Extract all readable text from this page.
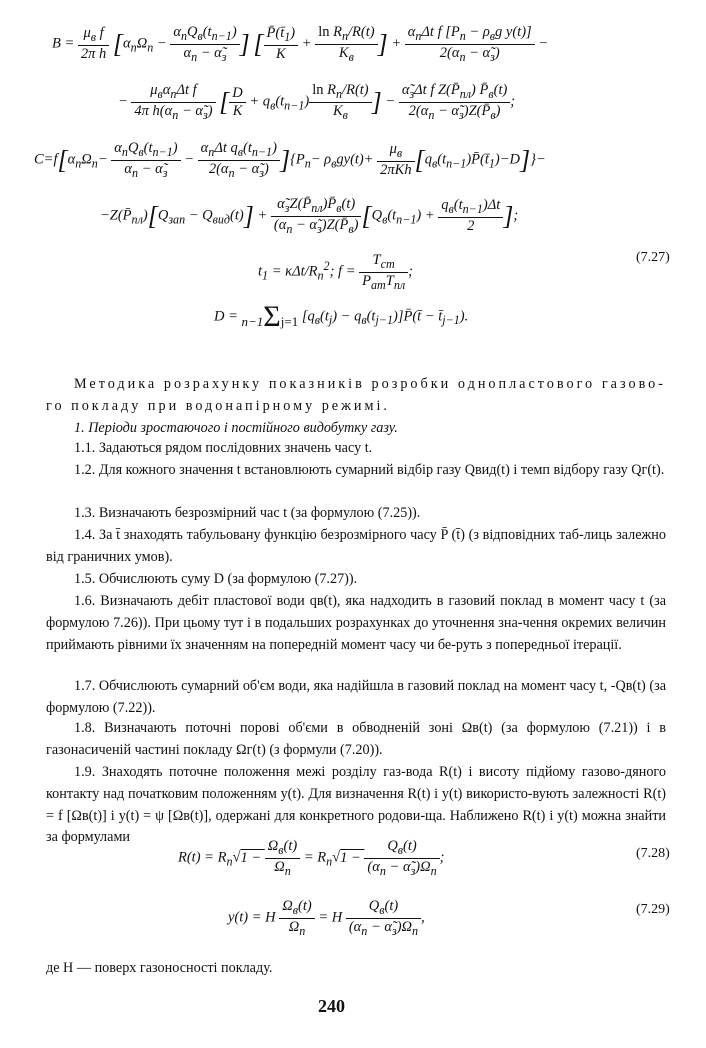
$B = \frac{\mu_в f}{\text{2π h}} [\alpha_п\Omega_п - \frac{\alpha_пQ_в(t_{п-1})}{\alpha_п - \alphã_з}$ ] [ $\frac{P̄(t̄_1)}{K} + \frac{\ln R_п/R(t)}{K_в}$ ] + $\frac{\alpha_п\Delta t f [P_п - \rho_вg y(t)]}{2(\alpha_п - \alphã_з)}$ −
− $\frac{\mu_в\alpha_п\Delta t f}{4\pi h(\alpha_п - \alphã_з)}$ [ $\frac{D}{K} + q_в(t_{п-1}) \frac{\ln R_п/R(t)}{K_в}$ ] − $\frac{\alphã_з\Delta t f Z(P̄_{пл}) P̄_в(t)}{2(\alpha_п - \alphã_з)Z(P̄_в)}$ ;
$C=f[\alpha_п\Omega_п- \frac{\alpha_пQ_в(t_{п-1})}{\alpha_п - \alphã_з} - \frac{\alpha_п\Delta t q_в(t_{п-1})}{2(\alpha_п - \alphã_з)} ]\{P_п- \rho_вgy(t)+ \frac{\mu_в}{\text{2πKh}}$ $[q_в(t_{п-1})P̄(t̄_1)-D]\}-$
$-Z(P̄_{пл})[Q_{зап} - Q_{вид}(t)] + \frac{\alphã_зZ(P̄_{пл})P̄_в(t)}{(\alpha_п - \alphã_з)Z(P̄_в)} [Q_в(t_{п-1}) + \frac{q_в(t_{п-1})\Delta t}{2}$ ];
$t_1 = \kappa\Delta t/R_п^2$; $f = \frac{T_{ст}}{P_{ат}T_{пл}}$ ;
(7.27)
D = n−1Σj=1 [$q_в(t_j)$ − $q_в(t_{j-1})]P̄(t̄$ − $t̄_{j-1}$).
Методика розрахунку показників розробки однопластового газово-го покладу при водонапірному режимі.
1. Періоди зростаючого і постійного видобутку газу.
1.1. Задаються рядом послідовних значень часу t.
1.2. Для кожного значення t встановлюють сумарний відбір газу Qвид(t) і темп відбору газу Qг(t).
1.3. Визначають безрозмірний час t (за формулою (7.25)).
1.4. За t̄ знаходять табульовану функцію безрозмірного часу P̄ (t̄) (з відповідних таб-лиць залежно від граничних умов).
1.5. Обчислюють суму D (за формулою (7.27)).
1.6. Визначають дебіт пластової води qв(t), яка надходить в газовий поклад в момент часу t (за формулою 7.26)). При цьому тут і в подальших розрахунках до уточнення зна-чення окремих величин приймають рівними їх значенням на попередній момент часу чи бе-руть з попередньої ітерації.
1.7. Обчислюють сумарний об'єм води, яка надійшла в газовий поклад на момент часу t, -Qв(t) (за формулою (7.22)).
1.8. Визначають поточні порові об'єми в обводненій зоні Ωв(t) (за формулою (7.21)) і в газонасиченій частині покладу Ωг(t) (з формули (7.20)).
1.9. Знаходять поточне положення межі розділу газ-вода R(t) і висоту підйому газово-дяного контакту над початковим положенням y(t). Для визначення R(t) і y(t) використо-вують залежності R(t) = f [Ωв(t)] і y(t) = ψ [Ωв(t)], одержані для конкретного родови-ща. Наближено R(t) і y(t) можна знайти за формулами
$R(t) = R_п√1 - \frac{\Omega_в(t)}{\Omega_п} = R_п√1 - \frac{Q_в(t)}{(\alpha_п - \alphã_з)\Omega_п}$ ;	(7.28)
y(t) = H $\frac{\Omega_в(t)}{\Omega_п} = H \frac{Q_в(t)}{(\alpha_п - \alphã_з)\Omega_п}$ ,
(7.29)
де H — поверх газоносності покладу.
240
